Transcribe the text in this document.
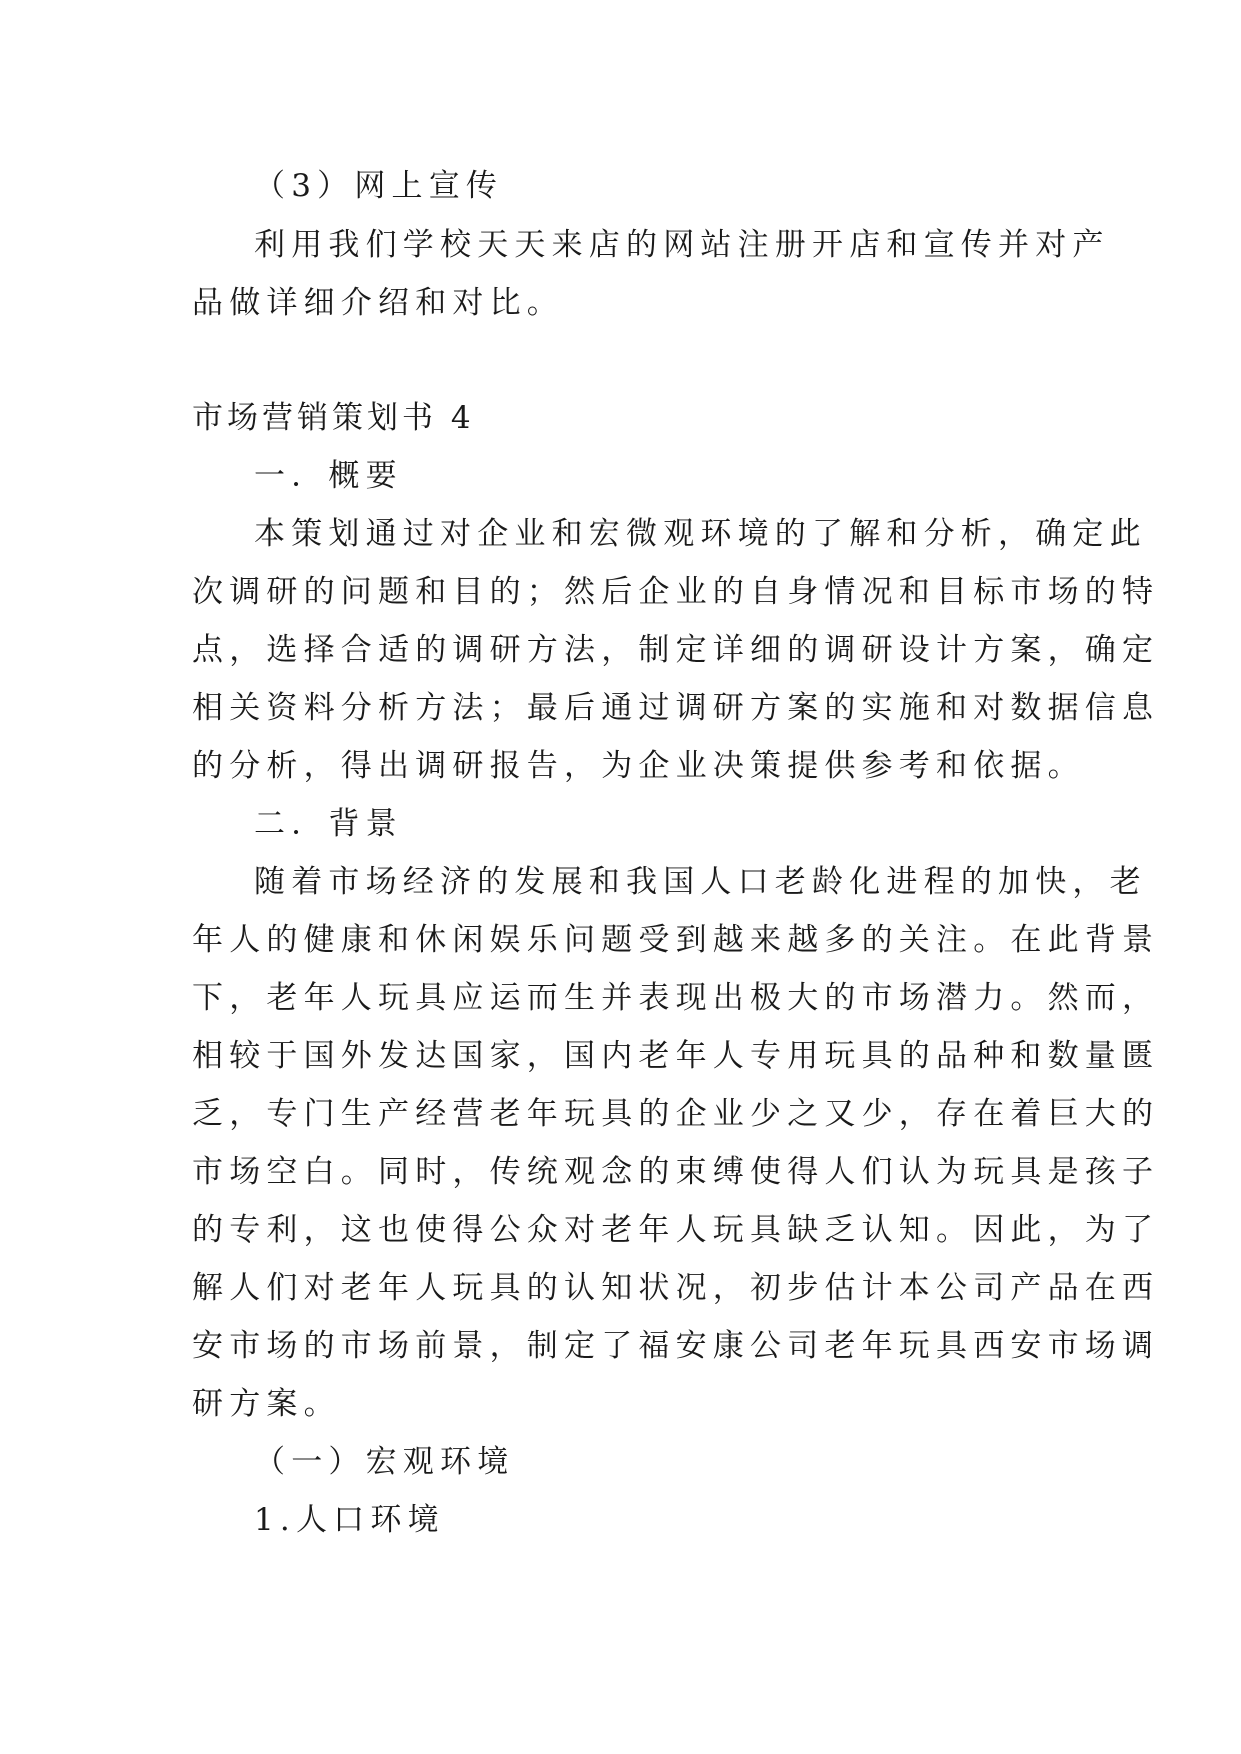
（3）网上宣传
利用我们学校天天来店的网站注册开店和宣传并对产
品做详细介绍和对比。
市场营销策划书 4
一．概要
本策划通过对企业和宏微观环境的了解和分析，确定此
次调研的问题和目的；然后企业的自身情况和目标市场的特
点，选择合适的调研方法，制定详细的调研设计方案，确定
相关资料分析方法；最后通过调研方案的实施和对数据信息
的分析，得出调研报告，为企业决策提供参考和依据。
二．背景
随着市场经济的发展和我国人口老龄化进程的加快，老
年人的健康和休闲娱乐问题受到越来越多的关注。在此背景
下，老年人玩具应运而生并表现出极大的市场潜力。然而，
相较于国外发达国家，国内老年人专用玩具的品种和数量匮
乏，专门生产经营老年玩具的企业少之又少，存在着巨大的
市场空白。同时，传统观念的束缚使得人们认为玩具是孩子
的专利，这也使得公众对老年人玩具缺乏认知。因此，为了
解人们对老年人玩具的认知状况，初步估计本公司产品在西
安市场的市场前景，制定了福安康公司老年玩具西安市场调
研方案。
（一）宏观环境
1.人口环境
